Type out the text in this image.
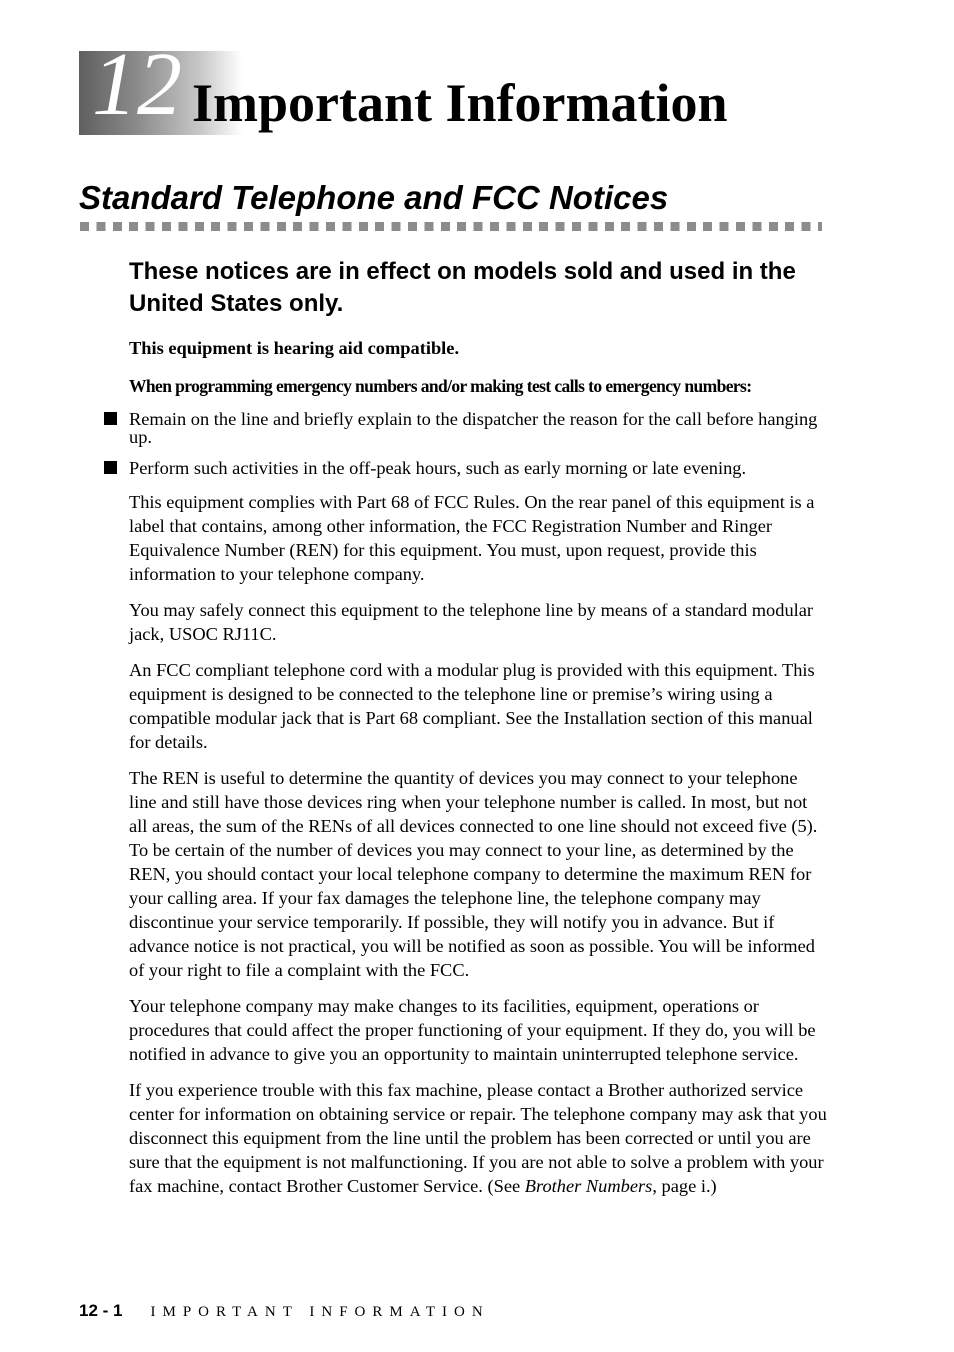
12 Important Information
Standard Telephone and FCC Notices

These notices are in effect on models sold and used in the United States only.

This equipment is hearing aid compatible.

When programming emergency numbers and/or making test calls to emergency numbers:

Remain on the line and briefly explain to the dispatcher the reason for the call before hanging up.
Perform such activities in the off-peak hours, such as early morning or late evening.

This equipment complies with Part 68 of FCC Rules. On the rear panel of this equipment is a label that contains, among other information, the FCC Registration Number and Ringer Equivalence Number (REN) for this equipment. You must, upon request, provide this information to your telephone company.

You may safely connect this equipment to the telephone line by means of a standard modular jack, USOC RJ11C.

An FCC compliant telephone cord with a modular plug is provided with this equipment. This equipment is designed to be connected to the telephone line or premise’s wiring using a compatible modular jack that is Part 68 compliant. See the Installation section of this manual for details.

The REN is useful to determine the quantity of devices you may connect to your telephone line and still have those devices ring when your telephone number is called. In most, but not all areas, the sum of the RENs of all devices connected to one line should not exceed five (5). To be certain of the number of devices you may connect to your line, as determined by the REN, you should contact your local telephone company to determine the maximum REN for your calling area. If your fax damages the telephone line, the telephone company may discontinue your service temporarily. If possible, they will notify you in advance. But if advance notice is not practical, you will be notified as soon as possible. You will be informed of your right to file a complaint with the FCC.

Your telephone company may make changes to its facilities, equipment, operations or procedures that could affect the proper functioning of your equipment. If they do, you will be notified in advance to give you an opportunity to maintain uninterrupted telephone service.

If you experience trouble with this fax machine, please contact a Brother authorized service center for information on obtaining service or repair. The telephone company may ask that you disconnect this equipment from the line until the problem has been corrected or until you are sure that the equipment is not malfunctioning. If you are not able to solve a problem with your fax machine, contact Brother Customer Service. (See Brother Numbers, page i.)

12 - 1 IMPORTANT INFORMATION
